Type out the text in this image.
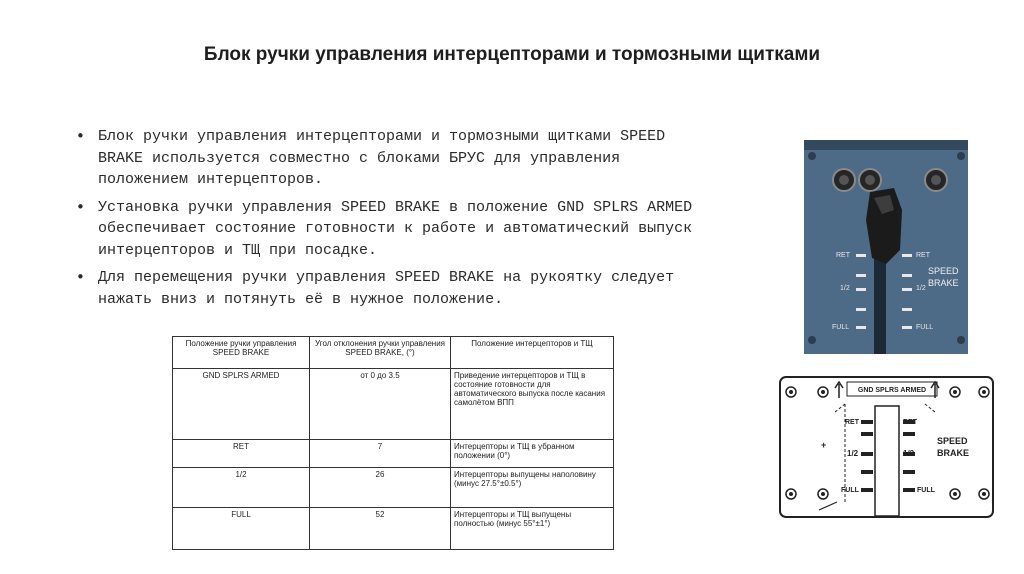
Блок ручки управления интерцепторами и тормозными щитками
• Блок ручки управления интерцепторами и тормозными щитками SPEED BRAKE используется совместно с блоками БРУС для управления положением интерцепторов.
• Установка ручки управления SPEED BRAKE в положение GND SPLRS ARMED обеспечивает состояние готовности к работе и автоматический выпуск интерцепторов и ТЩ при посадке.
• Для перемещения ручки управления SPEED BRAKE на рукоятку следует нажать вниз и потянуть её в нужное положение.
Положение ручки управления SPEED BRAKE	Угол отклонения ручки управления SPEED BRAKE, (°)	Положение интерцепторов и ТЩ
GND SPLRS ARMED	от 0 до 3.5	Приведение интерцепторов и ТЩ в состояние готовности для автоматического выпуска после касания самолётом ВПП
RET	7	Интерцепторы и ТЩ в убранном положении (0°)
1/2	26	Интерцепторы выпущены наполовину (минус 27.5°±0.5°)
FULL	52	Интерцепторы и ТЩ выпущены полностью (минус 55°±1°)
RET	RET
1/2	1/2
FULL	FULL
SPEED
BRAKE
GND SPLRS ARMED
RET	RET
1/2	1/2
FULL	FULL
+	SPEED
BRAKE
